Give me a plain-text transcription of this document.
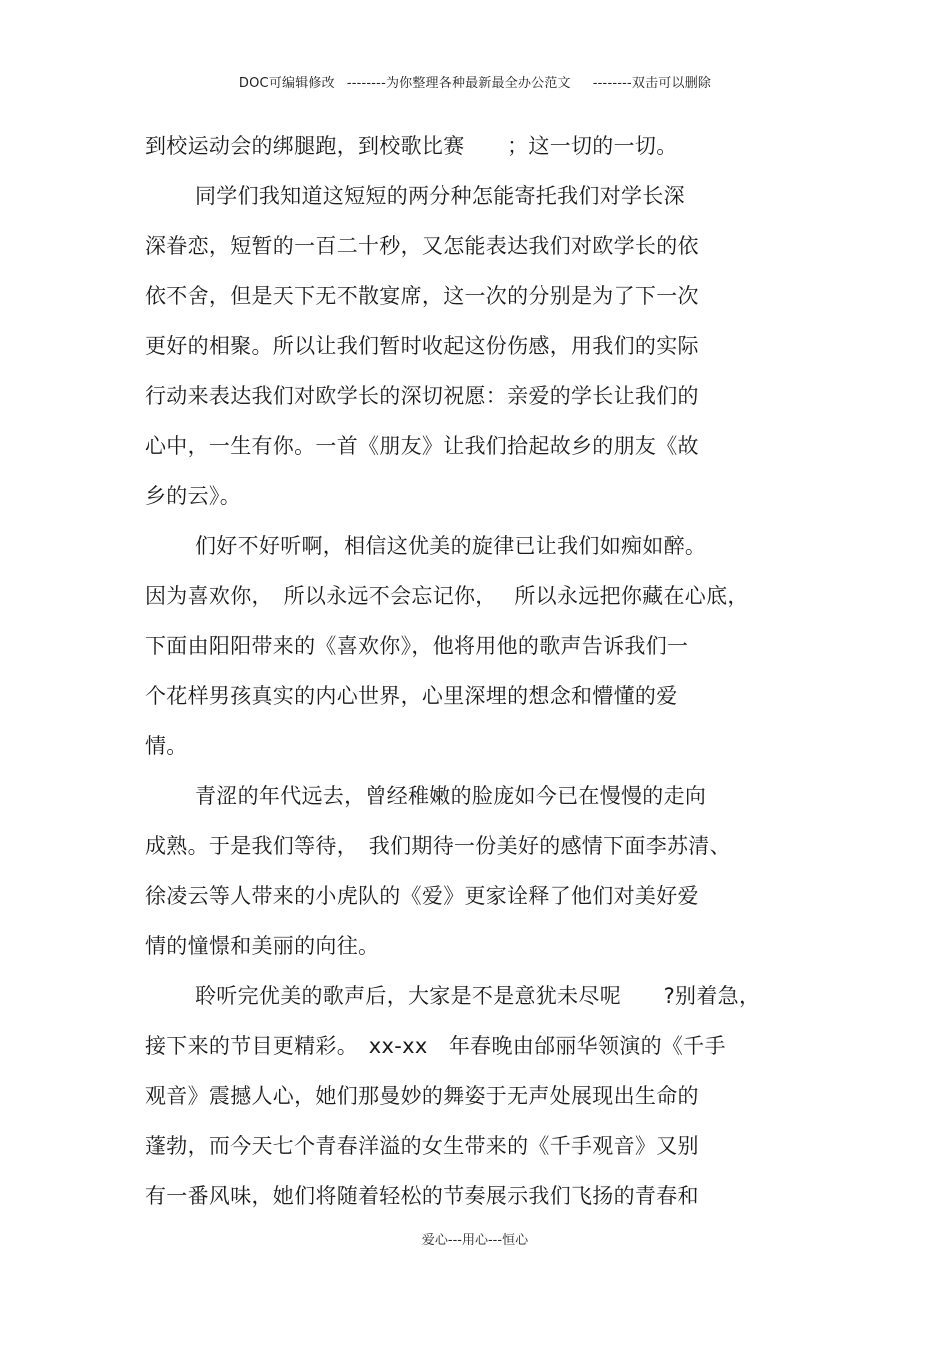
DOC可编辑修改 --------为你整理各种最新最全办公范文 --------双击可以删除
到校运动会的绑腿跑，到校歌比赛　　；这一切的一切。
同学们我知道这短短的两分种怎能寄托我们对学长深
深眷恋，短暂的一百二十秒，又怎能表达我们对欧学长的依
依不舍，但是天下无不散宴席，这一次的分别是为了下一次
更好的相聚。所以让我们暂时收起这份伤感，用我们的实际
行动来表达我们对欧学长的深切祝愿：亲爱的学长让我们的
心中，一生有你。一首《朋友》让我们拾起故乡的朋友《故
乡的云》。
们好不好听啊，相信这优美的旋律已让我们如痴如醉。
因为喜欢你，　所以永远不会忘记你，　 所以永远把你藏在心底，
下面由阳阳带来的《喜欢你》，他将用他的歌声告诉我们一
个花样男孩真实的内心世界，心里深埋的想念和懵懂的爱
情。
青涩的年代远去，曾经稚嫩的脸庞如今已在慢慢的走向
成熟。于是我们等待，　我们期待一份美好的感情下面李苏清、
徐凌云等人带来的小虎队的《爱》更家诠释了他们对美好爱
情的憧憬和美丽的向往。
聆听完优美的歌声后，大家是不是意犹未尽呢　　?别着急，
接下来的节目更精彩。　xx-xx　年春晚由邰丽华领演的《千手
观音》震撼人心，她们那曼妙的舞姿于无声处展现出生命的
蓬勃，而今天七个青春洋溢的女生带来的《千手观音》又别
有一番风味，她们将随着轻松的节奏展示我们飞扬的青春和
爱心---用心---恒心
